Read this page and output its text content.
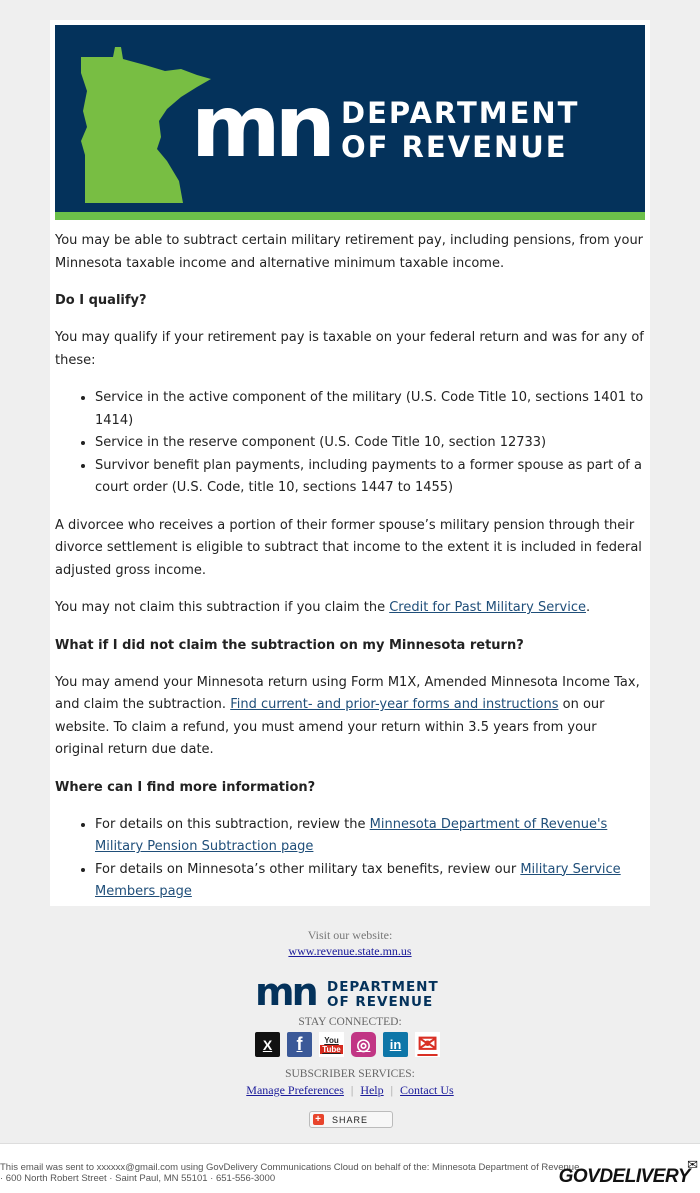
mn DEPARTMENT
OF REVENUE

You may be able to subtract certain military retirement pay, including pensions, from your Minnesota taxable income and alternative minimum taxable income.

Do I qualify?

You may qualify if your retirement pay is taxable on your federal return and was for any of these:

• Service in the active component of the military (U.S. Code Title 10, sections 1401 to 1414)
• Service in the reserve component (U.S. Code Title 10, section 12733)
• Survivor benefit plan payments, including payments to a former spouse as part of a court order (U.S. Code, title 10, sections 1447 to 1455)

A divorcee who receives a portion of their former spouse’s military pension through their divorce settlement is eligible to subtract that income to the extent it is included in federal adjusted gross income.

You may not claim this subtraction if you claim the Credit for Past Military Service.

What if I did not claim the subtraction on my Minnesota return?

You may amend your Minnesota return using Form M1X, Amended Minnesota Income Tax, and claim the subtraction. Find current- and prior-year forms and instructions on our website. To claim a refund, you must amend your return within 3.5 years from your original return due date.

Where can I find more information?
• For details on this subtraction, review the Minnesota Department of Revenue's Military Pension Subtraction page
• For details on Minnesota’s other military tax benefits, review our Military Service Members page
Visit our website:
www.revenue.state.mn.us
mn DEPARTMENT
OF REVENUE
STAY CONNECTED:
X f	You
Tube ◎ in ✉
SUBSCRIBER SERVICES:
Manage Preferences | Help | Contact Us
+ SHARE
This email was sent to xxxxxx@gmail.com using GovDelivery Communications Cloud on behalf of the: Minnesota Department of Revenue · 600 North Robert Street · Saint Paul, MN 55101 · 651-556-3000	GOVDELIVERY
✉
